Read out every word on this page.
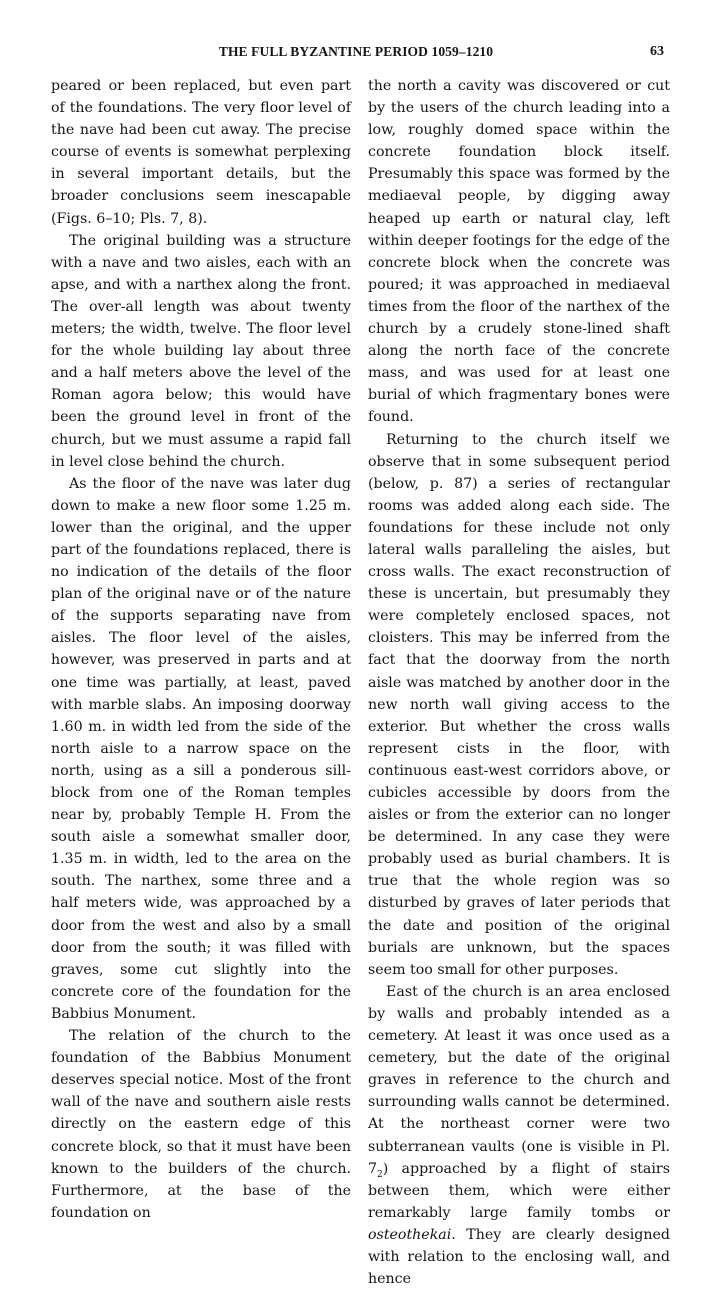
THE FULL BYZANTINE PERIOD 1059–1210	63

peared or been replaced, but even part of the foundations. The very floor level of the nave had been cut away. The precise course of events is somewhat perplexing in several important details, but the broader conclusions seem inescapable (Figs. 6–10; Pls. 7, 8).

The original building was a structure with a nave and two aisles, each with an apse, and with a narthex along the front. The over-all length was about twenty meters; the width, twelve. The floor level for the whole building lay about three and a half meters above the level of the Roman agora below; this would have been the ground level in front of the church, but we must assume a rapid fall in level close behind the church.

As the floor of the nave was later dug down to make a new floor some 1.25 m. lower than the original, and the upper part of the foundations replaced, there is no indication of the details of the floor plan of the original nave or of the nature of the supports separating nave from aisles. The floor level of the aisles, however, was preserved in parts and at one time was partially, at least, paved with marble slabs. An imposing doorway 1.60 m. in width led from the side of the north aisle to a narrow space on the north, using as a sill a ponderous sill-block from one of the Roman temples near by, probably Temple H. From the south aisle a somewhat smaller door, 1.35 m. in width, led to the area on the south. The narthex, some three and a half meters wide, was approached by a door from the west and also by a small door from the south; it was filled with graves, some cut slightly into the concrete core of the foundation for the Babbius Monument.

The relation of the church to the foundation of the Babbius Monument deserves special notice. Most of the front wall of the nave and southern aisle rests directly on the eastern edge of this concrete block, so that it must have been known to the builders of the church. Furthermore, at the base of the foundation on

the north a cavity was discovered or cut by the users of the church leading into a low, roughly domed space within the concrete foundation block itself. Presumably this space was formed by the mediaeval people, by digging away heaped up earth or natural clay, left within deeper footings for the edge of the concrete block when the concrete was poured; it was approached in mediaeval times from the floor of the narthex of the church by a crudely stone-lined shaft along the north face of the concrete mass, and was used for at least one burial of which fragmentary bones were found.

Returning to the church itself we observe that in some subsequent period (below, p. 87) a series of rectangular rooms was added along each side. The foundations for these include not only lateral walls paralleling the aisles, but cross walls. The exact reconstruction of these is uncertain, but presumably they were completely enclosed spaces, not cloisters. This may be inferred from the fact that the doorway from the north aisle was matched by another door in the new north wall giving access to the exterior. But whether the cross walls represent cists in the floor, with continuous east-west corridors above, or cubicles accessible by doors from the aisles or from the exterior can no longer be determined. In any case they were probably used as burial chambers. It is true that the whole region was so disturbed by graves of later periods that the date and position of the original burials are unknown, but the spaces seem too small for other purposes.

East of the church is an area enclosed by walls and probably intended as a cemetery. At least it was once used as a cemetery, but the date of the original graves in reference to the church and surrounding walls cannot be determined. At the northeast corner were two subterranean vaults (one is visible in Pl. $7_2$) approached by a flight of stairs between them, which were either remarkably large family tombs or osteothekai. They are clearly designed with relation to the enclosing wall, and hence
